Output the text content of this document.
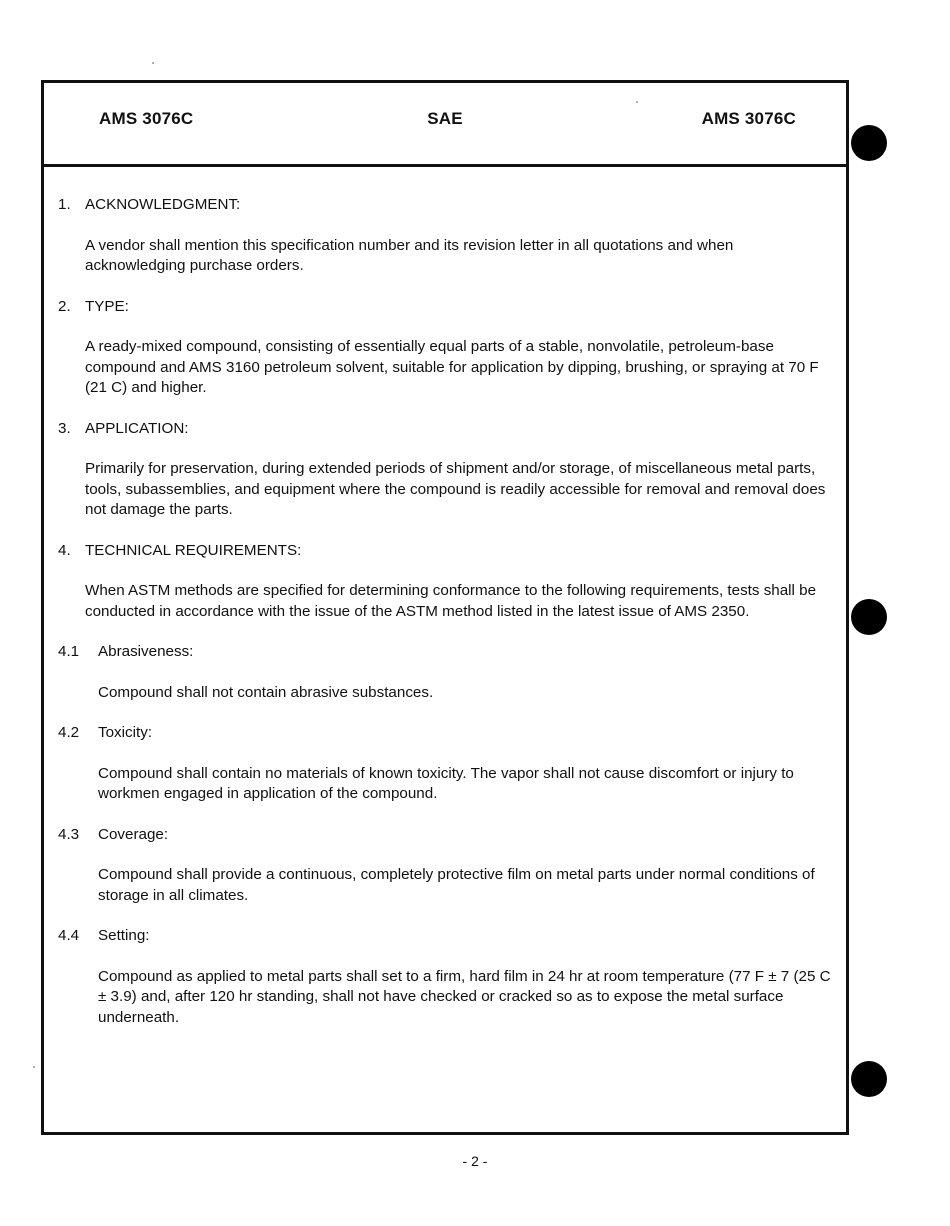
AMS 3076C	SAE	AMS 3076C
1. ACKNOWLEDGMENT:
A vendor shall mention this specification number and its revision letter in all quotations and when acknowledging purchase orders.
2. TYPE:
A ready-mixed compound, consisting of essentially equal parts of a stable, nonvolatile, petroleum-base compound and AMS 3160 petroleum solvent, suitable for application by dipping, brushing, or spraying at 70 F (21 C) and higher.
3. APPLICATION:
Primarily for preservation, during extended periods of shipment and/or storage, of miscellaneous metal parts, tools, subassemblies, and equipment where the compound is readily accessible for removal and removal does not damage the parts.
4. TECHNICAL REQUIREMENTS:
When ASTM methods are specified for determining conformance to the following requirements, tests shall be conducted in accordance with the issue of the ASTM method listed in the latest issue of AMS 2350.
4.1	Abrasiveness:
Compound shall not contain abrasive substances.
4.2	Toxicity:
Compound shall contain no materials of known toxicity. The vapor shall not cause discomfort or injury to workmen engaged in application of the compound.
4.3	Coverage:
Compound shall provide a continuous, completely protective film on metal parts under normal conditions of storage in all climates.
4.4	Setting:
Compound as applied to metal parts shall set to a firm, hard film in 24 hr at room temperature (77 F ± 7 (25 C ± 3.9) and, after 120 hr standing, shall not have checked or cracked so as to expose the metal surface underneath.
- 2 -
